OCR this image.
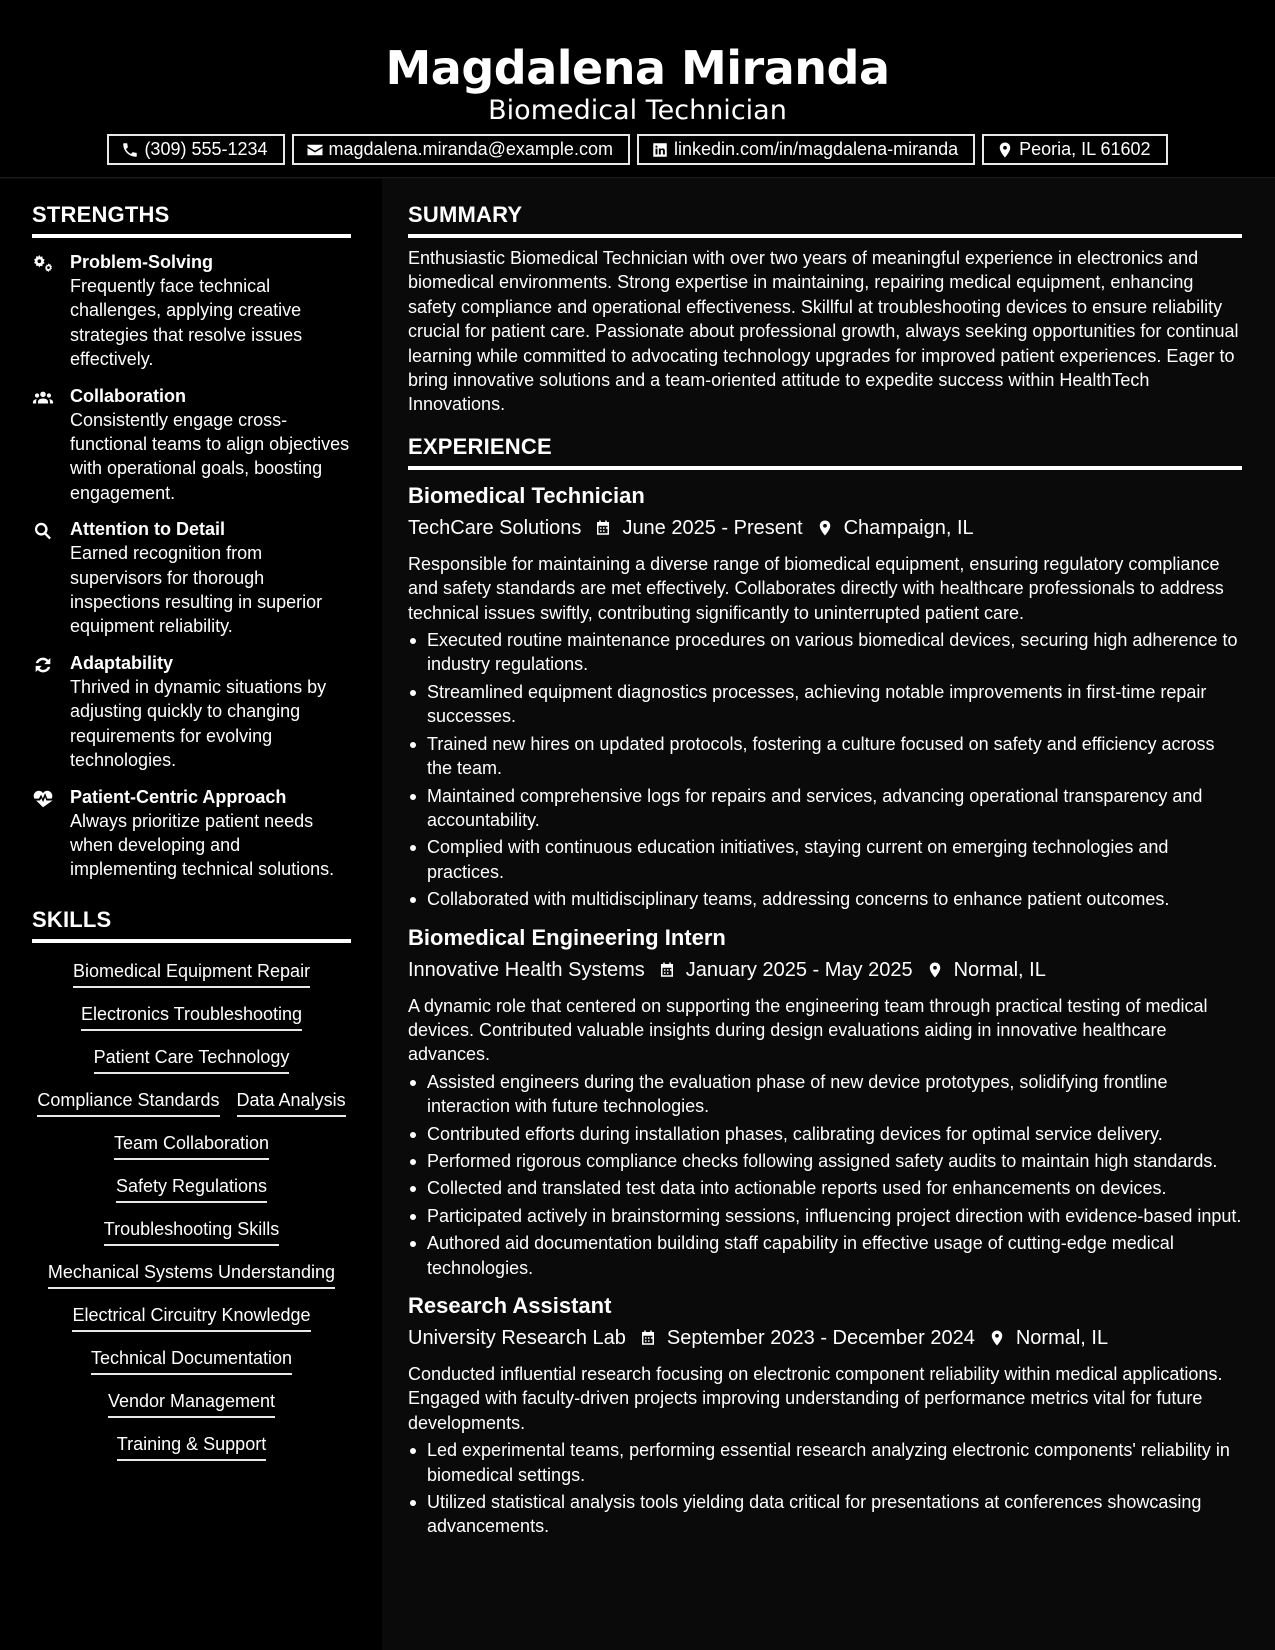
Magdalena Miranda
Biomedical Technician
(309) 555-1234	magdalena.miranda@example.com	linkedin.com/in/magdalena-miranda	Peoria, IL 61602
STRENGTHS
Problem-Solving
Frequently face technical challenges, applying creative strategies that resolve issues effectively.
Collaboration
Consistently engage cross-functional teams to align objectives with operational goals, boosting engagement.
Attention to Detail
Earned recognition from supervisors for thorough inspections resulting in superior equipment reliability.
Adaptability
Thrived in dynamic situations by adjusting quickly to changing requirements for evolving technologies.
Patient-Centric Approach
Always prioritize patient needs when developing and implementing technical solutions.
SKILLS
Biomedical Equipment Repair
Electronics Troubleshooting
Patient Care Technology
Compliance Standards Data Analysis
Team Collaboration
Safety Regulations
Troubleshooting Skills
Mechanical Systems Understanding
Electrical Circuitry Knowledge
Technical Documentation
Vendor Management
Training & Support
SUMMARY

Enthusiastic Biomedical Technician with over two years of meaningful experience in electronics and biomedical environments. Strong expertise in maintaining, repairing medical equipment, enhancing safety compliance and operational effectiveness. Skillful at troubleshooting devices to ensure reliability crucial for patient care. Passionate about professional growth, always seeking opportunities for continual learning while committed to advocating technology upgrades for improved patient experiences. Eager to bring innovative solutions and a team-oriented attitude to expedite success within HealthTech Innovations.

EXPERIENCE
Biomedical Technician
TechCare Solutions June 2025 - Present Champaign, IL

Responsible for maintaining a diverse range of biomedical equipment, ensuring regulatory compliance and safety standards are met effectively. Collaborates directly with healthcare professionals to address technical issues swiftly, contributing significantly to uninterrupted patient care.

Executed routine maintenance procedures on various biomedical devices, securing high adherence to industry regulations.
Streamlined equipment diagnostics processes, achieving notable improvements in first-time repair successes.
Trained new hires on updated protocols, fostering a culture focused on safety and efficiency across the team.
Maintained comprehensive logs for repairs and services, advancing operational transparency and accountability.
Complied with continuous education initiatives, staying current on emerging technologies and practices.
Collaborated with multidisciplinary teams, addressing concerns to enhance patient outcomes.
Biomedical Engineering Intern
Innovative Health Systems January 2025 - May 2025 Normal, IL

A dynamic role that centered on supporting the engineering team through practical testing of medical devices. Contributed valuable insights during design evaluations aiding in innovative healthcare advances.

Assisted engineers during the evaluation phase of new device prototypes, solidifying frontline interaction with future technologies.
Contributed efforts during installation phases, calibrating devices for optimal service delivery.
Performed rigorous compliance checks following assigned safety audits to maintain high standards.
Collected and translated test data into actionable reports used for enhancements on devices.
Participated actively in brainstorming sessions, influencing project direction with evidence-based input.
Authored aid documentation building staff capability in effective usage of cutting-edge medical technologies.
Research Assistant
University Research Lab September 2023 - December 2024 Normal, IL

Conducted influential research focusing on electronic component reliability within medical applications. Engaged with faculty-driven projects improving understanding of performance metrics vital for future developments.

Led experimental teams, performing essential research analyzing electronic components' reliability in biomedical settings.
Utilized statistical analysis tools yielding data critical for presentations at conferences showcasing advancements.
